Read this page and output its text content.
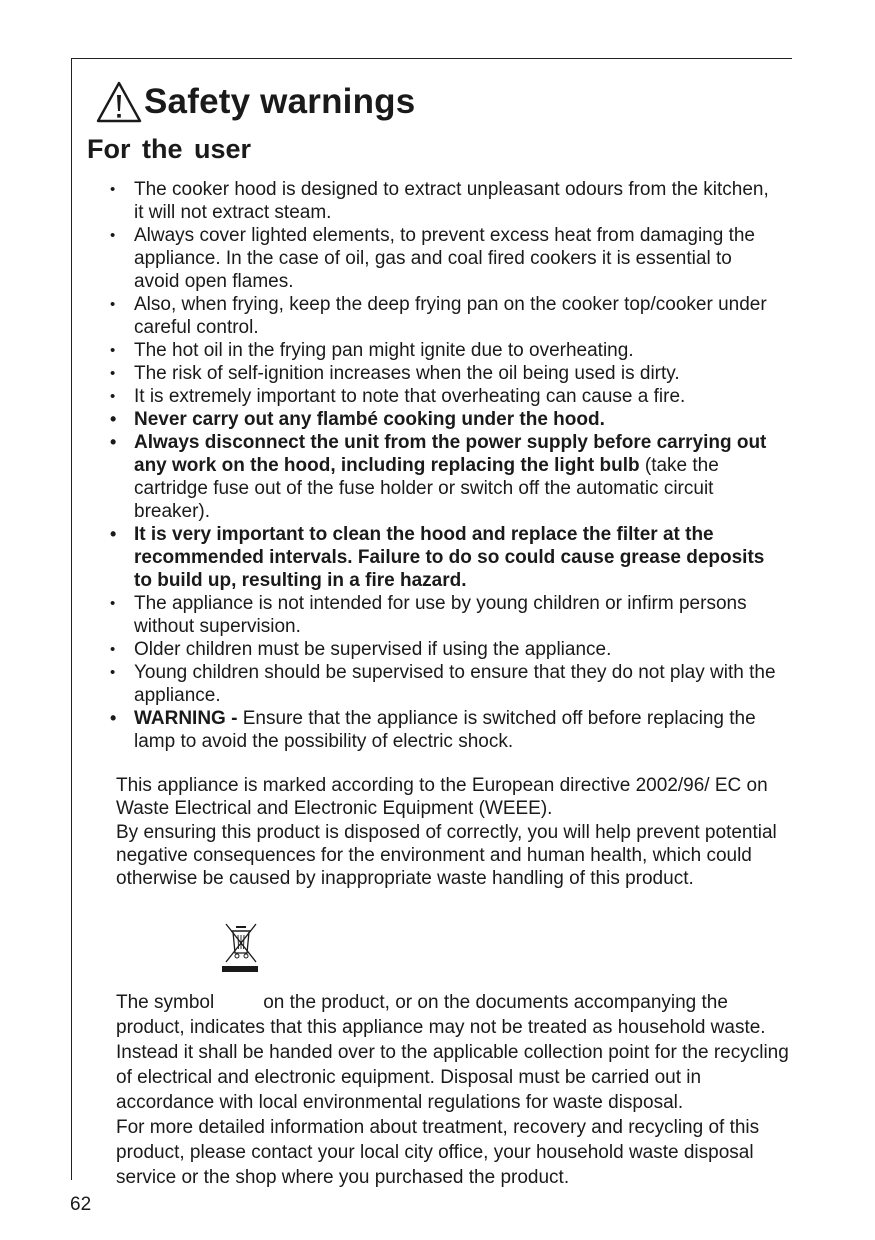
Safety warnings
For the user
• The cooker hood is designed to extract unpleasant odours from the kitchen, it will not extract steam.
• Always cover lighted elements, to prevent excess heat from damaging the appliance. In the case of oil, gas and coal fired cookers it is essential to avoid open flames.
• Also, when frying, keep the deep frying pan on the cooker top/cooker under careful control.
• The hot oil in the frying pan might ignite due to overheating.
• The risk of self-ignition increases when the oil being used is dirty.
• It is extremely important to note that overheating can cause a fire.
• Never carry out any flambé cooking under the hood.
• Always disconnect the unit from the power supply before carrying out any work on the hood, including replacing the light bulb (take the cartridge fuse out of the fuse holder or switch off the automatic circuit breaker).
• It is very important to clean the hood and replace the filter at the recommended intervals. Failure to do so could cause grease deposits to build up, resulting in a fire hazard.
• The appliance is not intended for use by young children or infirm persons without supervision.
• Older children must be supervised if using the appliance.
• Young children should be supervised to ensure that they do not play with the appliance.
• WARNING - Ensure that the appliance is switched off before replacing the lamp to avoid the possibility of electric shock.
This appliance is marked according to the European directive 2002/96/ EC on Waste Electrical and Electronic Equipment (WEEE).
By ensuring this product is disposed of correctly, you will help prevent potential negative consequences for the environment and human health, which could otherwise be caused by inappropriate waste handling of this product.
The symbol	on the product, or on the documents accompanying the product, indicates that this appliance may not be treated as household waste. Instead it shall be handed over to the applicable collection point for the recycling of electrical and electronic equipment. Disposal must be carried out in accordance with local environmental regulations for waste disposal.
For more detailed information about treatment, recovery and recycling of this product, please contact your local city office, your household waste disposal service or the shop where you purchased the product.
62
